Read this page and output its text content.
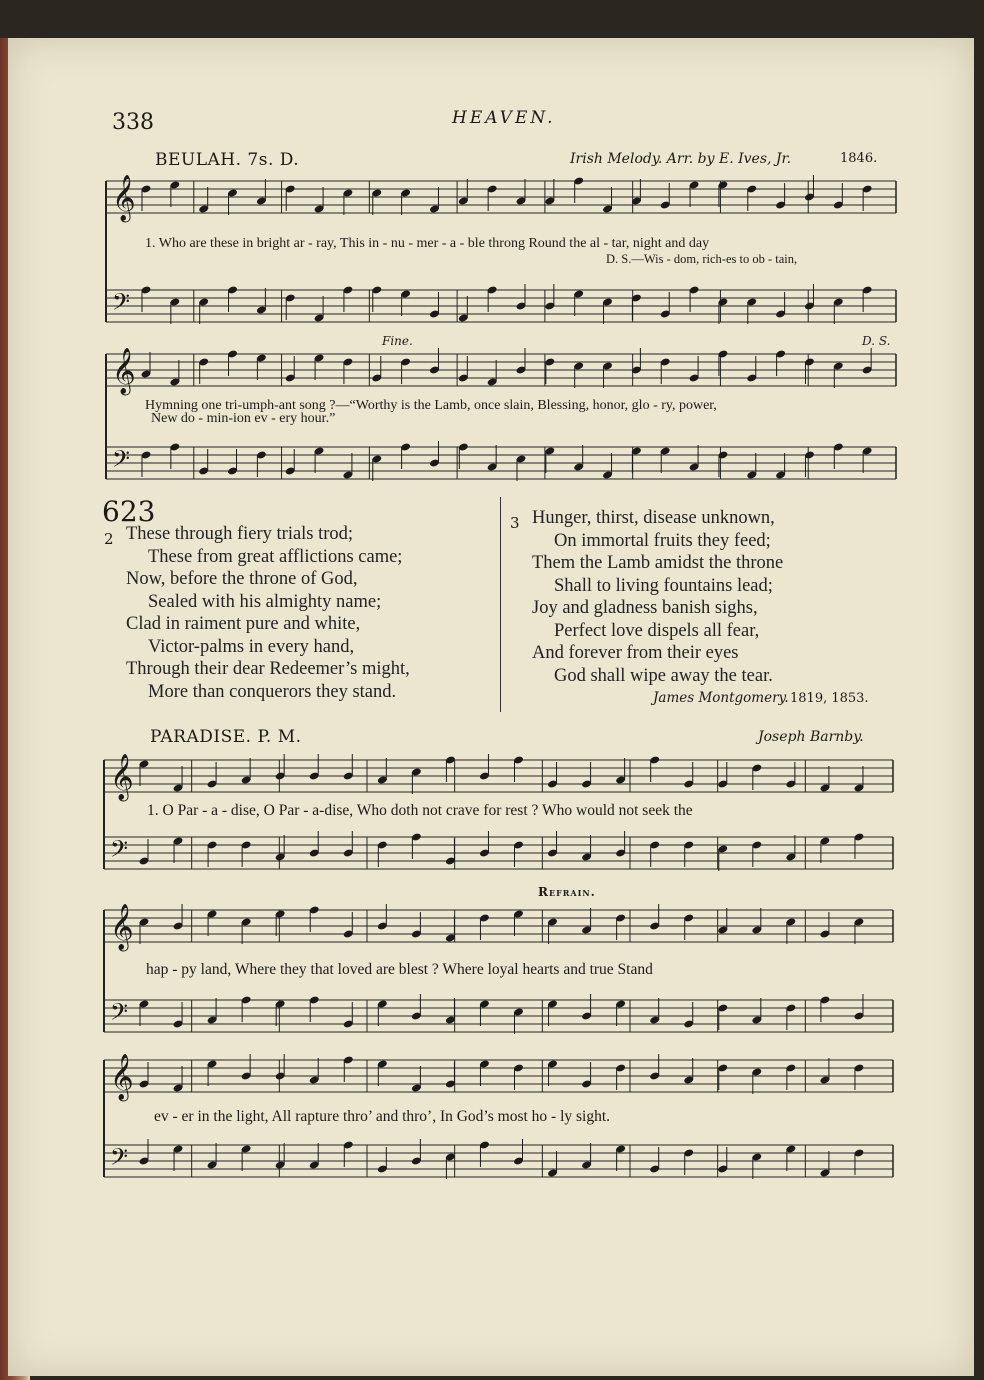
338	HEAVEN.
BEULAH. 7s. D.	Irish Melody. Arr. by E. Ives, Jr.	1846.
𝄞
𝄢
𝄞
𝄢
𝄞
𝄢
𝄞
𝄢
𝄞
𝄢
1. Who are these in bright ar - ray, This in - nu - mer - a - ble throng Round the al - tar, night and day
D. S.—Wis - dom, rich-es to ob - tain,
Fine.	D. S.
Hymning one tri-umph-ant song ?—“Worthy is the Lamb, once slain, Blessing, honor, glo - ry, power,
New do - min-ion ev - ery hour.”
623
2 These through fiery trials trod;
These from great afflictions came;
Now, before the throne of God,
Sealed with his almighty name;
Clad in raiment pure and white,
Victor-palms in every hand,
Through their dear Redeemer’s might,
More than conquerors they stand.
3 Hunger, thirst, disease unknown,
On immortal fruits they feed;
Them the Lamb amidst the throne
Shall to living fountains lead;
Joy and gladness banish sighs,
Perfect love dispels all fear,
And forever from their eyes
God shall wipe away the tear.
James Montgomery. 1819, 1853.
PARADISE. P. M.	Joseph Barnby.
1. O Par - a - dise, O Par - a-dise, Who doth not crave for rest ? Who would not seek the
Refrain.
hap - py land, Where they that loved are blest ? Where loyal hearts and true Stand
ev - er in the light, All rapture thro’ and thro’, In God’s most ho - ly sight.
